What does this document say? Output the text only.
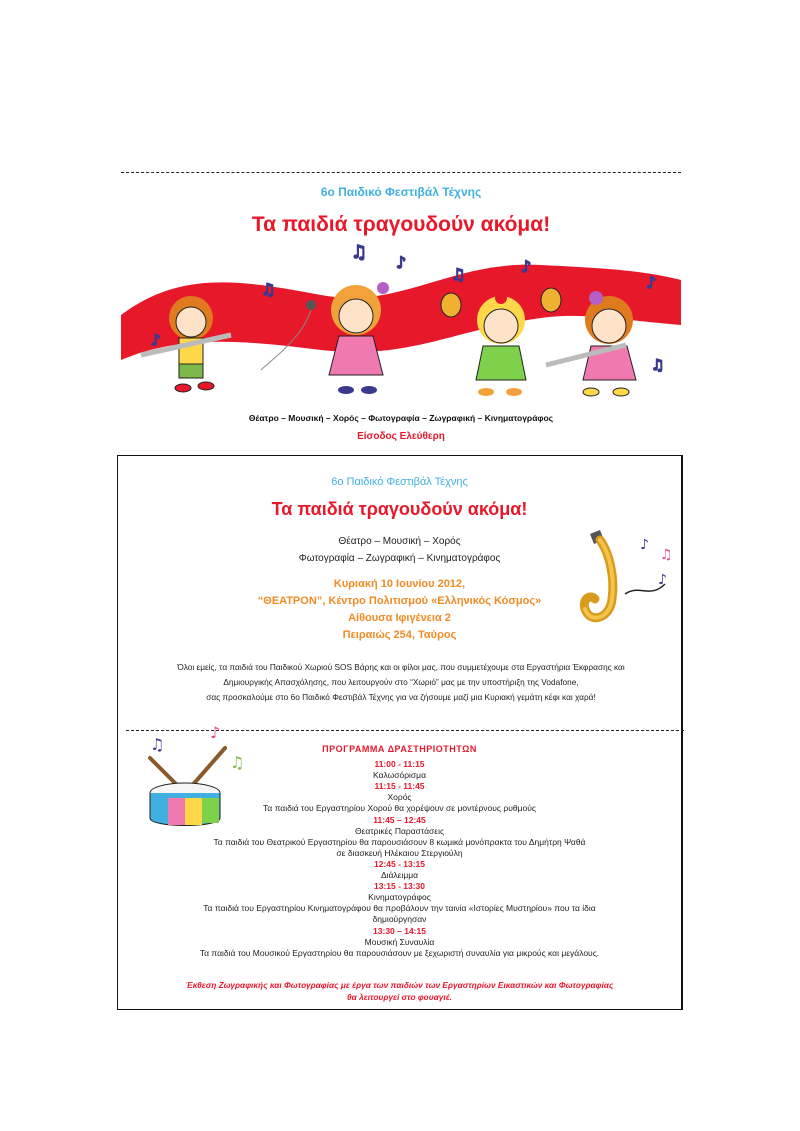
6ο Παιδικό Φεστιβάλ Τέχνης
Τα παιδιά τραγουδούν ακόμα!
♫ ♪
♫	♪
♫	♪
♪
♫
Θέατρο – Μουσική – Χορός – Φωτογραφία – Ζωγραφική – Κινηματογράφος
Είσοδος Ελεύθερη
6ο Παιδικό Φεστιβάλ Τέχνης
Τα παιδιά τραγουδούν ακόμα!
Θέατρο – Μουσική – Χορός
Φωτογραφία – Ζωγραφική – Κινηματογράφος
Κυριακή 10 Ιουνίου 2012,
“ΘΕΑΤΡΟΝ”, Κέντρο Πολιτισμού «Ελληνικός Κόσμος»
Αίθουσα Ιφιγένεια 2
Πειραιώς 254, Ταύρος
♪
♫
♪
Όλοι εμείς, τα παιδιά του Παιδικού Χωριού SOS Βάρης και οι φίλοι μας, που συμμετέχουμε στα Εργαστήρια Έκφρασης και
Δημιουργικής Απασχόλησης, που λειτουργούν στο “Χωριό” μας με την υποστήριξη της Vodafone,
σας προσκαλούμε στο 6ο Παιδικό Φεστιβάλ Τέχνης για να ζήσουμε μαζί μια Κυριακή γεμάτη κέφι και χαρά!
♫
♪
♫
ΠΡΟΓΡΑΜΜΑ ΔΡΑΣΤΗΡΙΟΤΗΤΩΝ
11:00 - 11:15
Καλωσόρισμα
11:15 - 11:45
Χορός
Τα παιδιά του Εργαστηρίου Χορού θα χορέψουν σε μοντέρνους ρυθμούς
11:45 – 12:45
Θεατρικές Παραστάσεις
Τα παιδιά του Θεατρικού Εργαστηρίου θα παρουσιάσουν 8 κωμικά μονόπρακτα του Δημήτρη Ψαθά
σε διασκευή Ηλέκαιου Στεργιούλη
12:45 - 13:15
Διάλειμμα
13:15 - 13:30
Κινηματογράφος
Τα παιδιά του Εργαστηρίου Κινηματογράφου θα προβάλουν την ταινία «Ιστορίες Μυστηρίου» που τα ίδια
δημιούργησαν
13:30 – 14:15
Μουσική Συναυλία
Τα παιδιά του Μουσικού Εργαστηρίου θα παρουσιάσουν με ξεχωριστή συναυλία για μικρούς και μεγάλους.
Έκθεση Ζωγραφικής και Φωτογραφίας με έργα των παιδιών των Εργαστηρίων Εικαστικών και Φωτογραφίας
θα λειτουργεί στο φουαγιέ.
